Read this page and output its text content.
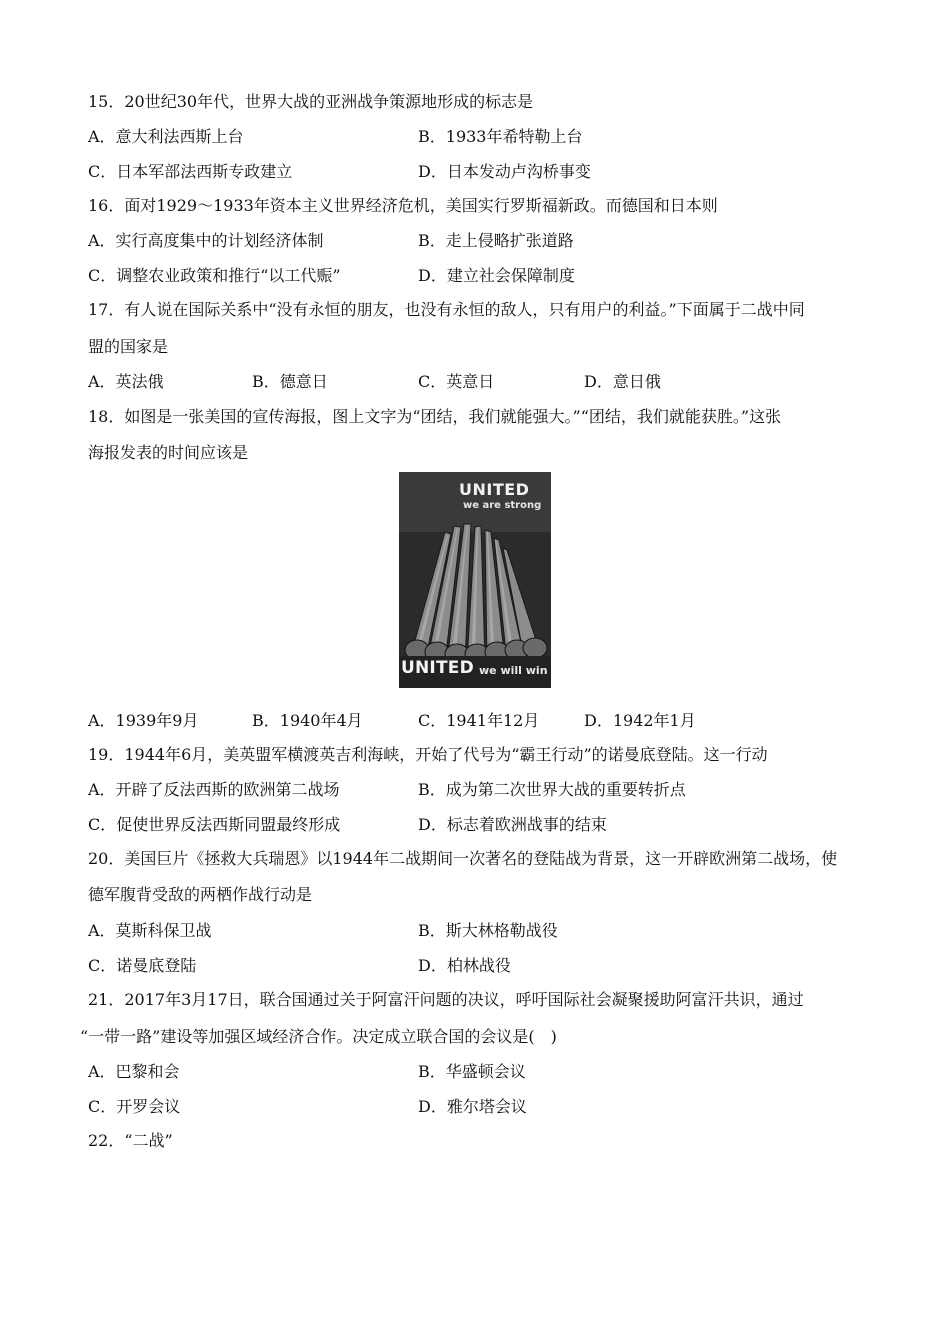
15．20世纪30年代，世界大战的亚洲战争策源地形成的标志是
A．意大利法西斯上台	B．1933年希特勒上台
C．日本军部法西斯专政建立	D．日本发动卢沟桥事变
16．面对1929～1933年资本主义世界经济危机，美国实行罗斯福新政。而德国和日本则
A．实行高度集中的计划经济体制	B．走上侵略扩张道路
C．调整农业政策和推行“以工代赈”	D．建立社会保障制度
17．有人说在国际关系中“没有永恒的朋友，也没有永恒的敌人，只有用户的利益。”下面属于二战中同
盟的国家是
A．英法俄	B．德意日	C．英意日	D．意日俄
18．如图是一张美国的宣传海报，图上文字为“团结，我们就能强大。”“团结，我们就能获胜。”这张
海报发表的时间应该是
UNITED
we are strong
UNITED we will win
A．1939年9月	B．1940年4月	C．1941年12月	D．1942年1月
19．1944年6月，美英盟军横渡英吉利海峡，开始了代号为“霸王行动”的诺曼底登陆。这一行动
A．开辟了反法西斯的欧洲第二战场	B．成为第二次世界大战的重要转折点
C．促使世界反法西斯同盟最终形成	D．标志着欧洲战事的结束
20．美国巨片《拯救大兵瑞恩》以1944年二战期间一次著名的登陆战为背景，这一开辟欧洲第二战场，使
德军腹背受敌的两栖作战行动是
A．莫斯科保卫战	B．斯大林格勒战役
C．诺曼底登陆	D．柏林战役
21．2017年3月17日，联合国通过关于阿富汗问题的决议，呼吁国际社会凝聚援助阿富汗共识，通过
“一带一路”建设等加强区域经济合作。决定成立联合国的会议是(　)
A．巴黎和会	B．华盛顿会议
C．开罗会议	D．雅尔塔会议
22．“二战”
